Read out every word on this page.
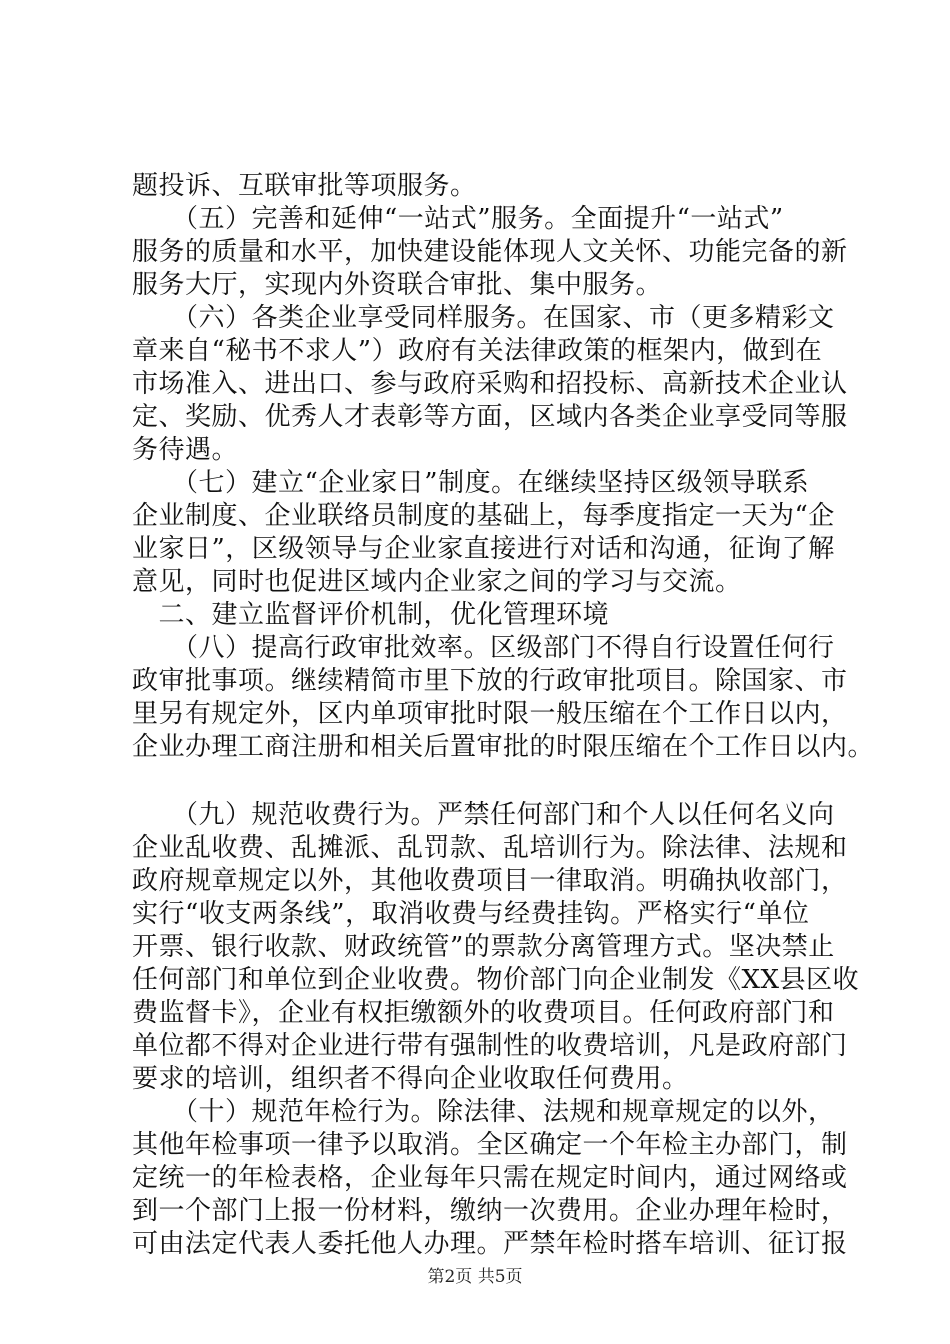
题投诉、互联审批等项服务。
　　（五）完善和延伸“一站式”服务。全面提升“一站式”
服务的质量和水平，加快建设能体现人文关怀、功能完备的新
服务大厅，实现内外资联合审批、集中服务。
　　（六）各类企业享受同样服务。在国家、市（更多精彩文
章来自“秘书不求人”）政府有关法律政策的框架内，做到在
市场准入、进出口、参与政府采购和招投标、高新技术企业认
定、奖励、优秀人才表彰等方面，区域内各类企业享受同等服
务待遇。
　　（七）建立“企业家日”制度。在继续坚持区级领导联系
企业制度、企业联络员制度的基础上，每季度指定一天为“企
业家日”，区级领导与企业家直接进行对话和沟通，征询了解
意见，同时也促进区域内企业家之间的学习与交流。
　二、建立监督评价机制，优化管理环境
　　（八）提高行政审批效率。区级部门不得自行设置任何行
政审批事项。继续精简市里下放的行政审批项目。除国家、市
里另有规定外，区内单项审批时限一般压缩在个工作日以内，
企业办理工商注册和相关后置审批的时限压缩在个工作日以内。
　　（九）规范收费行为。严禁任何部门和个人以任何名义向
企业乱收费、乱摊派、乱罚款、乱培训行为。除法律、法规和
政府规章规定以外，其他收费项目一律取消。明确执收部门，
实行“收支两条线”，取消收费与经费挂钩。严格实行“单位
开票、银行收款、财政统管”的票款分离管理方式。坚决禁止
任何部门和单位到企业收费。物价部门向企业制发《XX县区收
费监督卡》，企业有权拒缴额外的收费项目。任何政府部门和
单位都不得对企业进行带有强制性的收费培训，凡是政府部门
要求的培训，组织者不得向企业收取任何费用。
　　（十）规范年检行为。除法律、法规和规章规定的以外，
其他年检事项一律予以取消。全区确定一个年检主办部门，制
定统一的年检表格，企业每年只需在规定时间内，通过网络或
到一个部门上报一份材料，缴纳一次费用。企业办理年检时，
可由法定代表人委托他人办理。严禁年检时搭车培训、征订报
第2页 共5页
